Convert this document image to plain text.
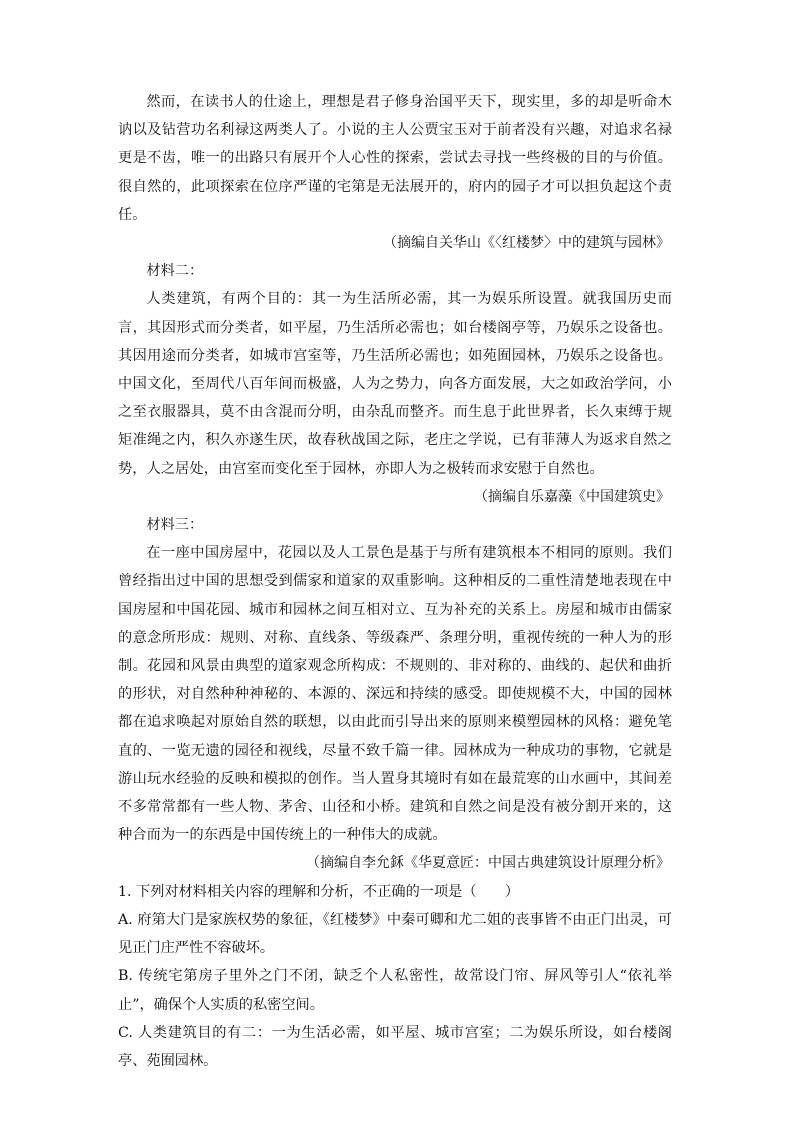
然而，在读书人的仕途上，理想是君子修身治国平天下，现实里，多的却是听命木讷以及钻营功名利禄这两类人了。小说的主人公贾宝玉对于前者没有兴趣，对追求名禄更是不齿，唯一的出路只有展开个人心性的探索，尝试去寻找一些终极的目的与价值。很自然的，此项探索在位序严谨的宅第是无法展开的，府内的园子才可以担负起这个责任。

（摘编自关华山《〈红楼梦〉中的建筑与园林》

材料二：

人类建筑，有两个目的：其一为生活所必需，其一为娱乐所设置。就我国历史而言，其因形式而分类者，如平屋，乃生活所必需也；如台楼阁亭等，乃娱乐之设备也。其因用途而分类者，如城市宫室等，乃生活所必需也；如苑囿园林，乃娱乐之设备也。中国文化，至周代八百年间而极盛，人为之势力，向各方面发展，大之如政治学问，小之至衣服器具，莫不由含混而分明，由杂乱而整齐。而生息于此世界者，长久束缚于规矩准绳之内，积久亦遂生厌，故春秋战国之际，老庄之学说，已有菲薄人为返求自然之势，人之居处，由宫室而变化至于园林，亦即人为之极转而求安慰于自然也。

（摘编自乐嘉藻《中国建筑史》

材料三：

在一座中国房屋中，花园以及人工景色是基于与所有建筑根本不相同的原则。我们曾经指出过中国的思想受到儒家和道家的双重影响。这种相反的二重性清楚地表现在中国房屋和中国花园、城市和园林之间互相对立、互为补充的关系上。房屋和城市由儒家的意念所形成：规则、对称、直线条、等级森严、条理分明，重视传统的一种人为的形制。花园和风景由典型的道家观念所构成：不规则的、非对称的、曲线的、起伏和曲折的形状，对自然种种神秘的、本源的、深远和持续的感受。即使规模不大，中国的园林都在追求唤起对原始自然的联想，以由此而引导出来的原则来模塑园林的风格：避免笔直的、一览无遗的园径和视线，尽量不致千篇一律。园林成为一种成功的事物，它就是游山玩水经验的反映和模拟的创作。当人置身其境时有如在最荒寒的山水画中，其间差不多常常都有一些人物、茅舍、山径和小桥。建筑和自然之间是没有被分割开来的，这种合而为一的东西是中国传统上的一种伟大的成就。

（摘编自李允鉌《华夏意匠：中国古典建筑设计原理分析》

1. 下列对材料相关内容的理解和分析，不正确的一项是（　　）

A. 府第大门是家族权势的象征，《红楼梦》中秦可卿和尤二姐的丧事皆不由正门出灵，可见正门庄严性不容破坏。

B. 传统宅第房子里外之门不闭，缺乏个人私密性，故常设门帘、屏风等引人“依礼举止”，确保个人实质的私密空间。

C. 人类建筑目的有二：一为生活必需，如平屋、城市宫室；二为娱乐所设，如台楼阁亭、苑囿园林。
